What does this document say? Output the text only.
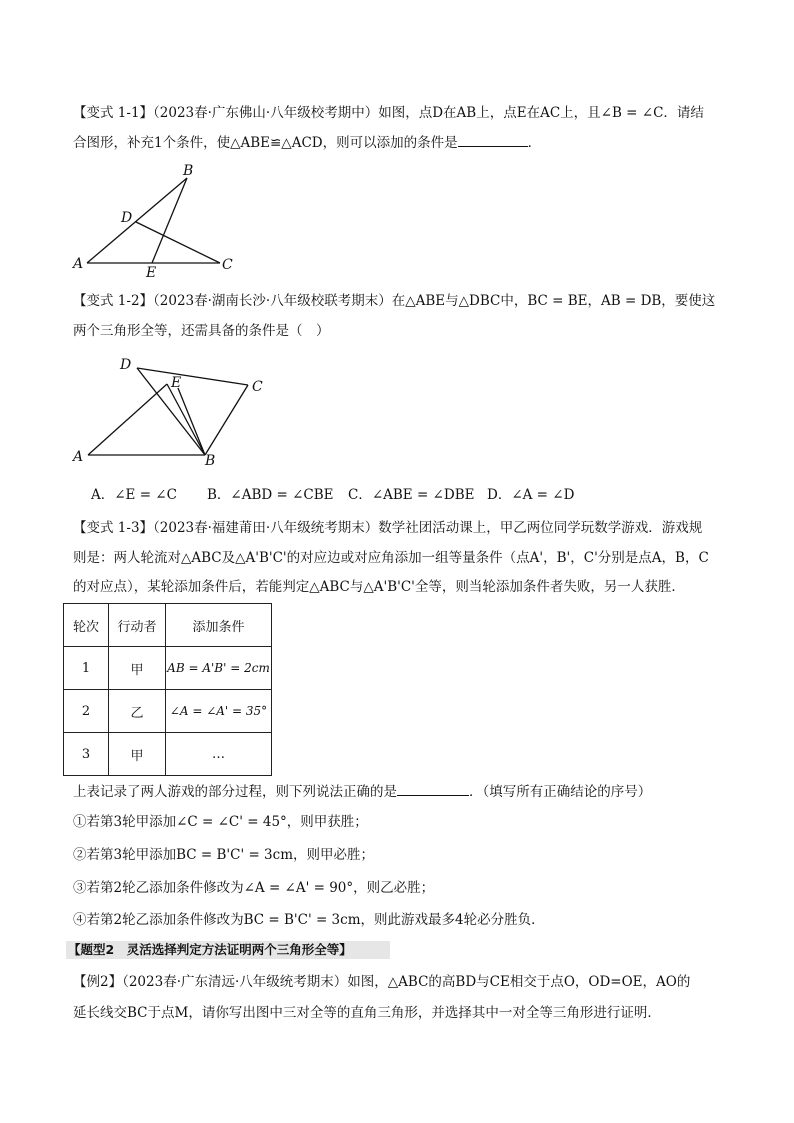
【变式 1-1】（2023春·广东佛山·八年级校考期中）如图，点D在AB上，点E在AC上，且∠B = ∠C．请结
合图形，补充1个条件，使△ABE≌△ACD，则可以添加的条件是	．
B
D
A
E	C
【变式 1-2】（2023春·湖南长沙·八年级校联考期末）在△ABE与△DBC中，BC = BE，AB = DB，要使这
两个三角形全等，还需具备的条件是（　）
D
E	C
A	B
A．∠E = ∠C B．∠ABD = ∠CBE C．∠ABE = ∠DBE D．∠A = ∠D
【变式 1-3】（2023春·福建莆田·八年级统考期末）数学社团活动课上，甲乙两位同学玩数学游戏．游戏规
则是：两人轮流对△ABC及△A'B'C'的对应边或对应角添加一组等量条件（点A'，B'，C'分别是点A，B，C
的对应点），某轮添加条件后，若能判定△ABC与△A'B'C'全等，则当轮添加条件者失败，另一人获胜．
轮次	行动者	添加条件
1	甲	AB = A'B' = 2cm
2	乙	∠A = ∠A' = 35°
3	甲	…
上表记录了两人游戏的部分过程，则下列说法正确的是	．（填写所有正确结论的序号）
①若第3轮甲添加∠C = ∠C' = 45°，则甲获胜；
②若第3轮甲添加BC = B'C' = 3cm，则甲必胜；
③若第2轮乙添加条件修改为∠A = ∠A' = 90°，则乙必胜；
④若第2轮乙添加条件修改为BC = B'C' = 3cm，则此游戏最多4轮必分胜负．
【题型2　灵活选择判定方法证明两个三角形全等】
【例2】（2023春·广东清远·八年级统考期末）如图，△ABC的高BD与CE相交于点O，OD=OE，AO的
延长线交BC于点M，请你写出图中三对全等的直角三角形，并选择其中一对全等三角形进行证明．
